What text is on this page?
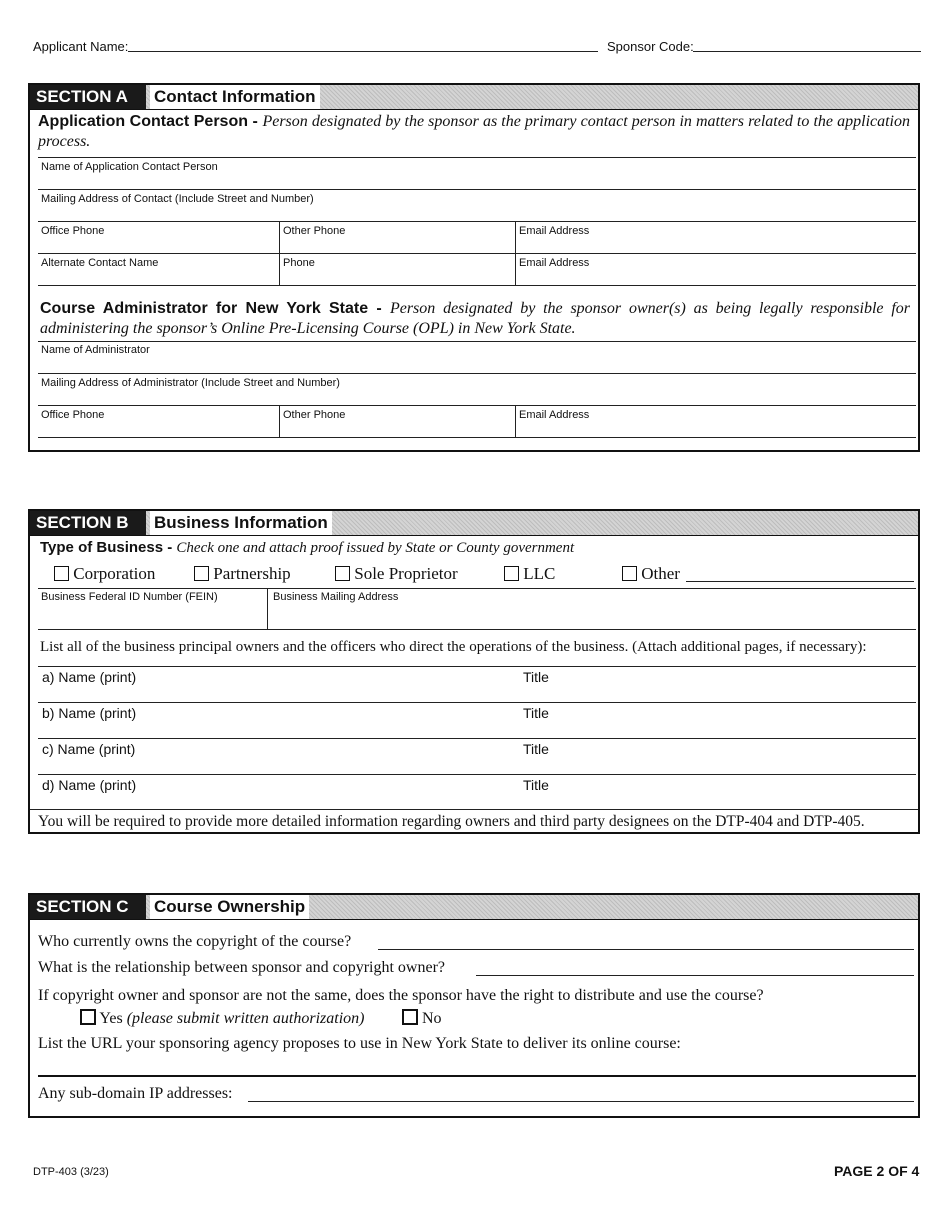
Applicant Name:	Sponsor Code:
SECTION A	Contact Information
Application Contact Person - Person designated by the sponsor as the primary contact person in matters related to the application process.
Name of Application Contact Person
Mailing Address of Contact (Include Street and Number)
Office Phone	Other Phone	Email Address
Alternate Contact Name	Phone	Email Address
Course Administrator for New York State - Person designated by the sponsor owner(s) as being legally responsible for administering the sponsor’s Online Pre-Licensing Course (OPL) in New York State.
Name of Administrator
Mailing Address of Administrator (Include Street and Number)
Office Phone	Other Phone	Email Address
SECTION B	Business Information
Type of Business - Check one and attach proof issued by State or County government
Corporation	Partnership	Sole Proprietor	LLC	Other
Business Federal ID Number (FEIN)	Business Mailing Address
List all of the business principal owners and the officers who direct the operations of the business. (Attach additional pages, if necessary):
a) Name (print)	Title
b) Name (print)	Title
c) Name (print)	Title
d) Name (print)	Title
You will be required to provide more detailed information regarding owners and third party designees on the DTP-404 and DTP-405.
SECTION C	Course Ownership
Who currently owns the copyright of the course?
What is the relationship between sponsor and copyright owner?
If copyright owner and sponsor are not the same, does the sponsor have the right to distribute and use the course?
Yes (please submit written authorization)	No
List the URL your sponsoring agency proposes to use in New York State to deliver its online course:
Any sub-domain IP addresses:
DTP-403 (3/23)	PAGE 2 OF 4
